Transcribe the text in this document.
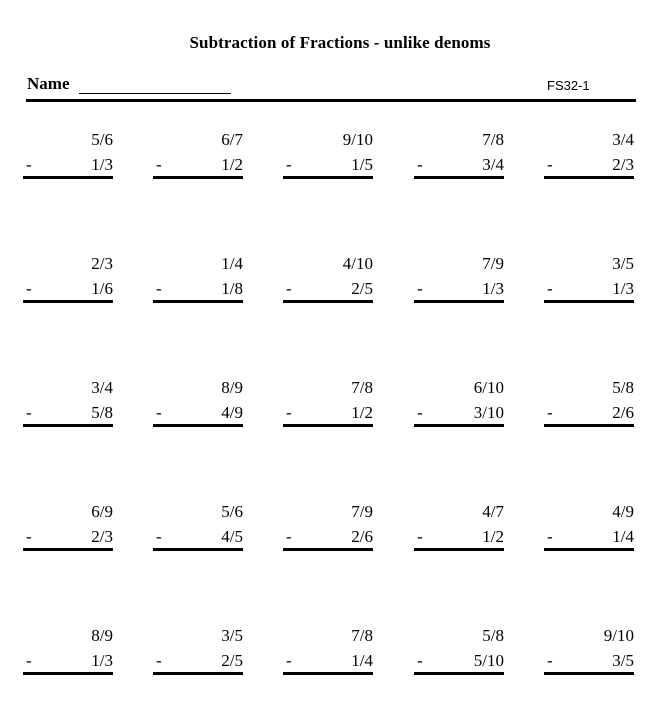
Subtraction of Fractions - unlike denoms
Name	FS32-1
5/6
-	1/3
6/7
-	1/2
9/10
-	1/5
7/8
-	3/4
3/4
-	2/3
2/3
-	1/6
1/4
-	1/8
4/10
-	2/5
7/9
-	1/3
3/5
-	1/3
3/4
-	5/8
8/9
-	4/9
7/8
-	1/2
6/10
-	3/10
5/8
-	2/6
6/9
-	2/3
5/6
-	4/5
7/9
-	2/6
4/7
-	1/2
4/9
-	1/4
8/9
-	1/3
3/5
-	2/5
7/8
-	1/4
5/8
-	5/10
9/10
-	3/5
